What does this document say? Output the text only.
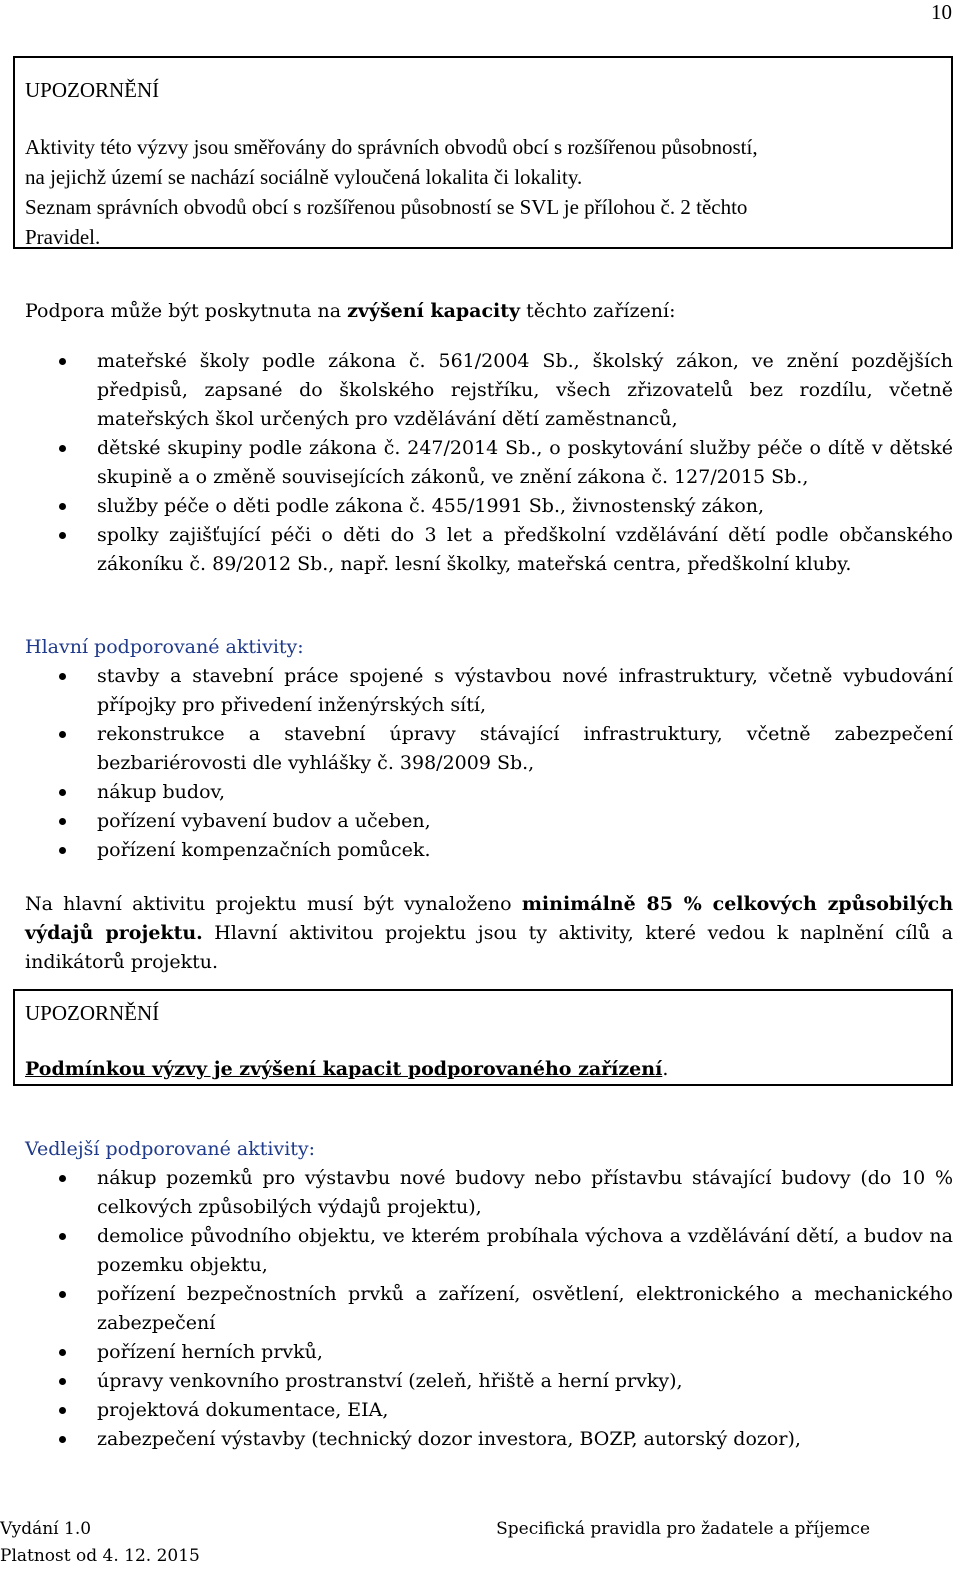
10
UPOZORNĚNÍ
Aktivity této výzvy jsou směřovány do správních obvodů obcí s rozšířenou působností,
na jejichž území se nachází sociálně vyloučená lokalita či lokality.
Seznam správních obvodů obcí s rozšířenou působností se SVL je přílohou č. 2 těchto
Pravidel.

Podpora může být poskytnuta na zvýšení kapacity těchto zařízení:

mateřské školy podle zákona č. 561/2004 Sb., školský zákon, ve znění pozdějších předpisů, zapsané do školského rejstříku, všech zřizovatelů bez rozdílu, včetně mateřských škol určených pro vzdělávání dětí zaměstnanců,
dětské skupiny podle zákona č. 247/2014 Sb., o poskytování služby péče o dítě v dětské skupině a o změně souvisejících zákonů, ve znění zákona č. 127/2015 Sb.,
služby péče o děti podle zákona č. 455/1991 Sb., živnostenský zákon,
spolky zajišťující péči o děti do 3 let a předškolní vzdělávání dětí podle občanského zákoníku č. 89/2012 Sb., např. lesní školky, mateřská centra, předškolní kluby.
Hlavní podporované aktivity:
stavby a stavební práce spojené s výstavbou nové infrastruktury, včetně vybudování přípojky pro přivedení inženýrských sítí,
rekonstrukce a stavební úpravy stávající infrastruktury, včetně zabezpečení bezbariérovosti dle vyhlášky č. 398/2009 Sb.,
nákup budov,
pořízení vybavení budov a učeben,
pořízení kompenzačních pomůcek.

Na hlavní aktivitu projektu musí být vynaloženo minimálně 85 % celkových způsobilých výdajů projektu. Hlavní aktivitou projektu jsou ty aktivity, které vedou k naplnění cílů a indikátorů projektu.

UPOZORNĚNÍ
Podmínkou výzvy je zvýšení kapacit podporovaného zařízení.
Vedlejší podporované aktivity:
nákup pozemků pro výstavbu nové budovy nebo přístavbu stávající budovy (do 10 % celkových způsobilých výdajů projektu),
demolice původního objektu, ve kterém probíhala výchova a vzdělávání dětí, a budov na pozemku objektu,
pořízení bezpečnostních prvků a zařízení, osvětlení, elektronického a mechanického zabezpečení
pořízení herních prvků,
úpravy venkovního prostranství (zeleň, hřiště a herní prvky),
projektová dokumentace, EIA,
zabezpečení výstavby (technický dozor investora, BOZP, autorský dozor),
Vydání 1.0	Specifická pravidla pro žadatele a příjemce
Platnost od 4. 12. 2015
